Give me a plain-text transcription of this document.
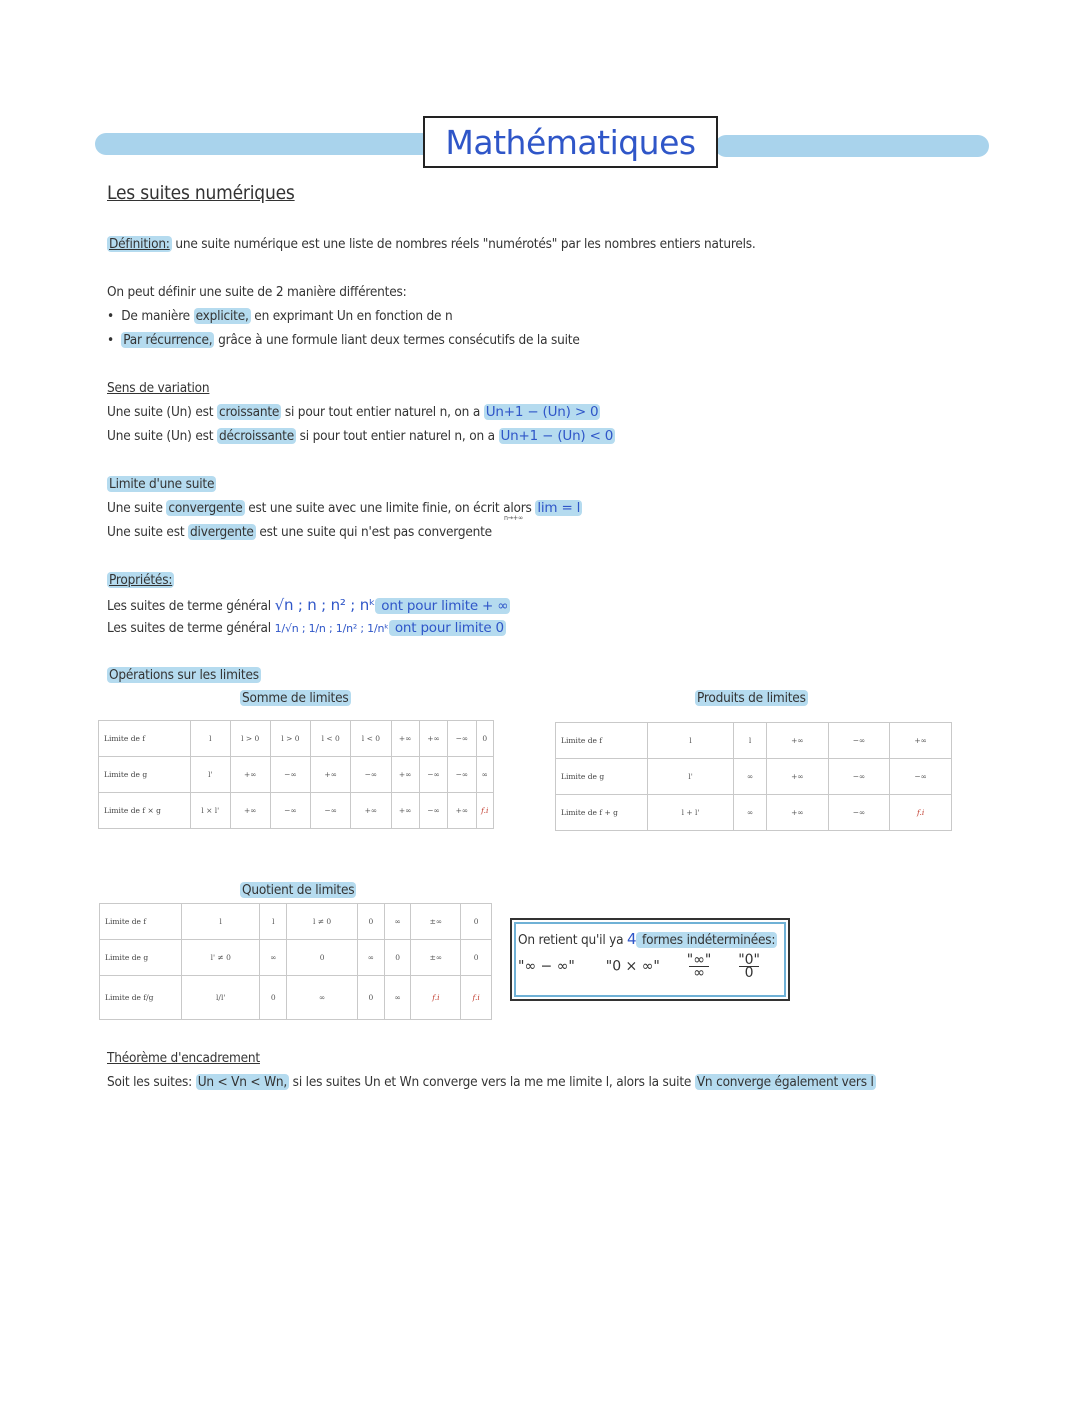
Mathématiques
Les suites numériques
Définition: une suite numérique est une liste de nombres réels "numérotés" par les nombres entiers naturels.
On peut définir une suite de 2 manière différentes:
•  De manière explicite, en exprimant Un en fonction de n
•  Par récurrence, grâce à une formule liant deux termes consécutifs de la suite
Sens de variation
Une suite (Un) est croissante si pour tout entier naturel n, on a Un+1 − (Un) > 0
Une suite (Un) est décroissante si pour tout entier naturel n, on a Un+1 − (Un) < 0
Limite d'une suite
Une suite convergente est une suite avec une limite finie, on écrit alors lim = l
n→+∞
Une suite est divergente est une suite qui n'est pas convergente
Propriétés:
Les suites de terme général √n ; n ; n² ; nᵏ ont pour limite + ∞
Les suites de terme général 1/√n ; 1/n ; 1/n² ; 1/nᵏ ont pour limite 0
Opérations sur les limites
Somme de limites	Produits de limites
Limite de f	l	l > 0	l > 0	l < 0	l < 0	+∞	+∞	−∞	0
Limite de g	l'	+∞	−∞	+∞	−∞	+∞	−∞	−∞	∞
Limite de f × g	l × l'	+∞	−∞	−∞	+∞	+∞	−∞	+∞	f.i
Limite de f	l	l	+∞	−∞	+∞
Limite de g	l'	∞	+∞	−∞	−∞
Limite de f + g	l + l'	∞	+∞	−∞	f.i
Quotient de limites
Limite de f	l	l	l ≠ 0	0	∞	±∞	0
Limite de g	l' ≠ 0	∞	0	∞	0	±∞	0
Limite de f/g	l/l'	0	∞	0	∞	f.i	f.i
On retient qu'il ya 4 formes indéterminées:
"∞ − ∞" "0 × ∞" $\frac{"\infty"}{\infty}$
$\frac{"0"}{0}$
Théorème d'encadrement
Soit les suites: Un < Vn < Wn, si les suites Un et Wn converge vers la me me limite l, alors la suite Vn converge également vers l
